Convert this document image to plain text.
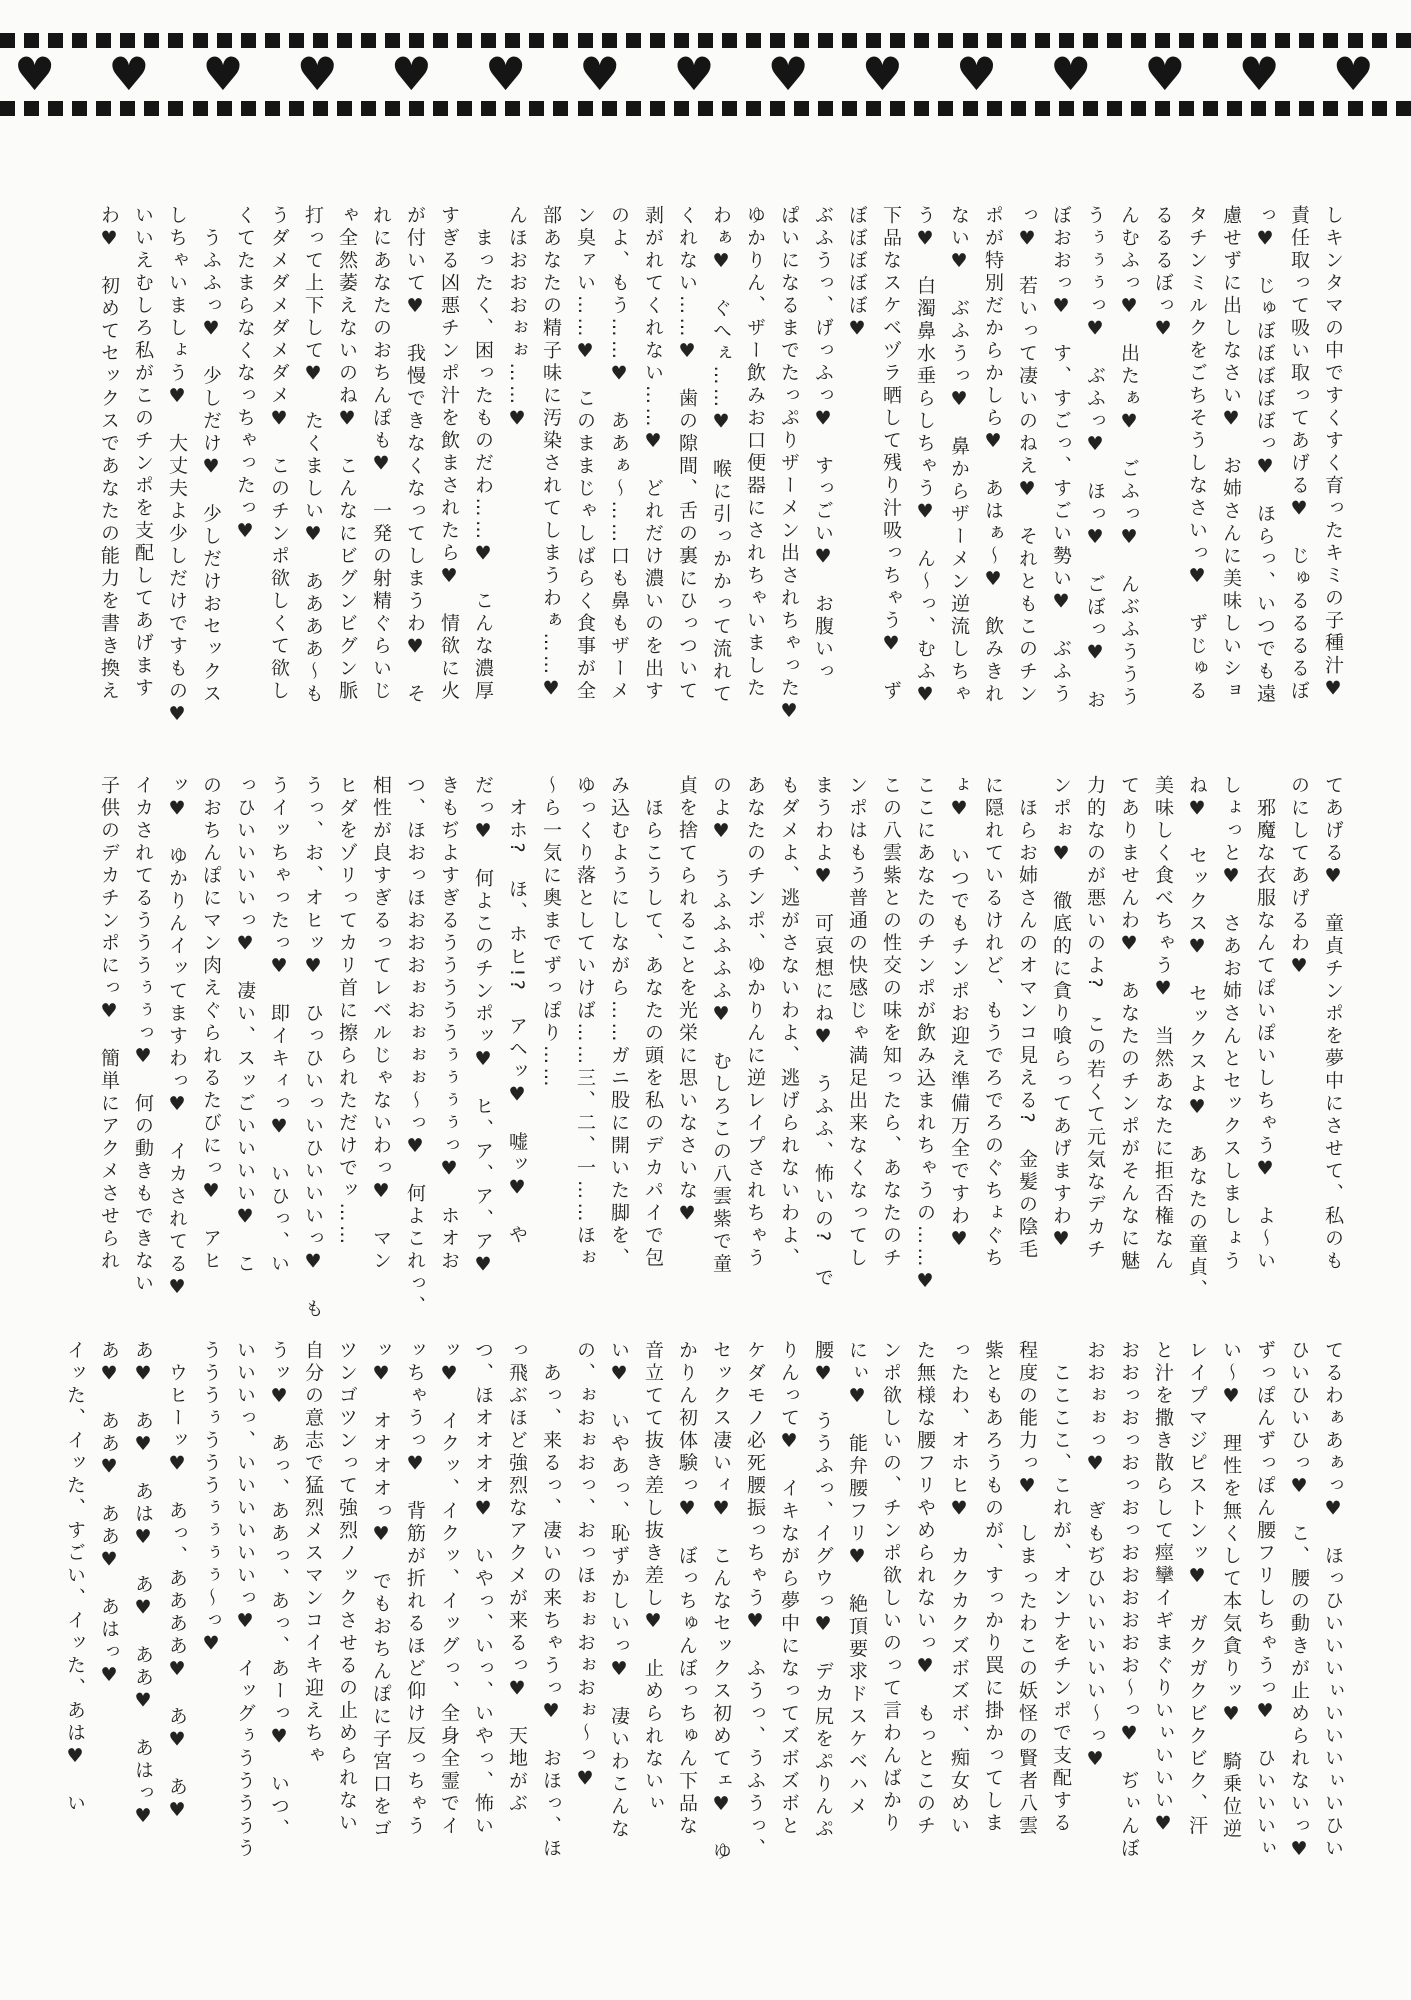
♥ ♥ ♥ ♥ ♥ ♥ ♥ ♥ ♥ ♥ ♥ ♥ ♥ ♥ ♥
しキンタマの中ですくすく育ったキミの子種汁♥
責任取って吸い取ってあげる♥　じゅるるるるぼ
っ♥　じゅぼぼぼぼぼっ♥　ほらっ、いつでも遠
慮せずに出しなさい♥　お姉さんに美味しいショ
タチンミルクをごちそうしなさいっ♥　ずじゅる
るるるぼっ♥
んむふっ♥　出たぁ♥　ごふっ♥　んぶふううう
うぅぅぅっ♥　ぶふっ♥　ほっ♥　ごぼっ♥　お
ぼおおっ♥　す、すごっ、すごい勢い♥　ぶふう
っ♥　若いって凄いのねえ♥　それともこのチン
ポが特別だからかしら♥　あはぁ〜♥　飲みきれ
ない♥　ぶふうっ♥　鼻からザーメン逆流しちゃ
う♥　白濁鼻水垂らしちゃう♥　ん〜っ、むふ♥
下品なスケベヅラ晒して残り汁吸っちゃう♥　ず
ぼぼぼぼぼ♥
ぶふうっ、げっふっ♥　すっごい♥　お腹いっ
ぱいになるまでたっぷりザーメン出されちゃった♥
ゆかりん、ザー飲みお口便器にされちゃいました
わぁ♥　ぐへぇ……♥　喉に引っかかって流れて
くれない……♥　歯の隙間、舌の裏にひっついて
剥がれてくれない……♥　どれだけ濃いのを出す
のよ、もう……♥　ああぁ〜……口も鼻もザーメ
ン臭ァい……♥　このままじゃしばらく食事が全
部あなたの精子味に汚染されてしまうわぁ……♥
んほおおおぉぉ……♥
　まったく、困ったものだわ……♥　こんな濃厚
すぎる凶悪チンポ汁を飲まされたら♥　情欲に火
が付いて♥　我慢できなくなってしまうわ♥　そ
れにあなたのおちんぽも♥　一発の射精ぐらいじ
ゃ全然萎えないのね♥　こんなにビグンビグン脈
打って上下して♥　たくましい♥　ああああ〜も
うダメダメダメダメ♥　このチンポ欲しくて欲し
くてたまらなくなっちゃったっ♥
　うふふっ♥　少しだけ♥　少しだけおセックス
しちゃいましょう♥　大丈夫よ少しだけですもの♥
いいえむしろ私がこのチンポを支配してあげます
わ♥　初めてセックスであなたの能力を書き換え
てあげる♥　童貞チンポを夢中にさせて、私のも
のにしてあげるわ♥
　邪魔な衣服なんてぽいぽいしちゃう♥　よ〜い
しょっと♥　さあお姉さんとセックスしましょう
ね♥　セックス♥　セックスよ♥　あなたの童貞、
美味しく食べちゃう♥　当然あなたに拒否権なん
てありませんわ♥　あなたのチンポがそんなに魅
力的なのが悪いのよ?　この若くて元気なデカチ
ンポぉ♥　徹底的に貪り喰らってあげますわ♥
　ほらお姉さんのオマンコ見える?　金髪の陰毛
に隠れているけれど、もうでろでろのぐちょぐち
ょ♥　いつでもチンポお迎え準備万全ですわ♥
ここにあなたのチンポが飲み込まれちゃうの……♥
この八雲紫との性交の味を知ったら、あなたのチ
ンポはもう普通の快感じゃ満足出来なくなってし
まうわよ♥　可哀想にね♥　うふふ、怖いの?　で
もダメよ、逃がさないわよ、逃げられないわよ、
あなたのチンポ、ゆかりんに逆レイプされちゃう
のよ♥　うふふふふふ♥　むしろこの八雲紫で童
貞を捨てられることを光栄に思いなさいな♥
　ほらこうして、あなたの頭を私のデカパイで包
み込むようにしながら……ガニ股に開いた脚を、
ゆっくり落としていけば……三、二、一……ほぉ
〜ら一気に奥までずっぽり……
　オホ?　ほ、ホヒ!?　アヘッ♥　嘘ッ♥　や
だっ♥　何よこのチンポッ♥　ヒ、ア、ア、ア♥
きもぢよすぎるうううううぅぅぅぅっ♥　ホオお
つ、ほおっほおおおぉおぉぉぉ〜っ♥　何よこれっ、
相性が良すぎるってレベルじゃないわっ♥　マン
ヒダをゾリってカリ首に擦られただけでッ……
うっ、お、オヒッ♥　ひっひいっいひいいいっ♥　も
うイッちゃったっ♥　即イキィっ♥　いひっ、い
っひいいいいっ♥　凄い、スッごいいいい♥　こ
のおちんぽにマン肉えぐられるたびにっ♥　アヒ
ッ♥　ゆかりんイッてますわっ♥　イカされてる♥
イカされてるうううぅぅっ♥　何の動きもできない
子供のデカチンポにっ♥　簡単にアクメさせられ
てるわぁあぁっ♥　ほっひいいいぃいいいぃいひい
ひいひいひっ♥　こ、腰の動きが止められないっ♥
ずっぽんずっぽん腰フリしちゃうっ♥　ひいいいぃ
い〜♥　理性を無くして本気貪りッ♥　騎乗位逆
レイプマジピストンッ♥　ガクガクビクビク、汗
と汁を撒き散らして痙攣イギまぐりいぃいいい♥
おおっおっおっおっおおおおおお〜っ♥　ぢぃんぼ
おおぉぉっ♥　ぎもぢひいいいいい〜っ♥
　ここここ、これが、オンナをチンポで支配する
程度の能力っ♥　しまったわこの妖怪の賢者八雲
紫ともあろうものが、すっかり罠に掛かってしま
ったわ、オホヒ♥　カクカクズボズボ、痴女めい
た無様な腰フリやめられないっ♥　もっとこのチ
ンポ欲しいの、チンポ欲しいのって言わんばかり
にぃ♥　能弁腰フリ♥　絶頂要求ドスケベハメ
腰♥　ううふっ、イグウっ♥　デカ尻をぷりんぷ
りんって♥　イキながら夢中になってズボズボと
ケダモノ必死腰振っちゃう♥　ふうっ、うふうっ、
セックス凄いィ♥　こんなセックス初めてェ♥　ゆ
かりん初体験っ♥　ぼっちゅんぼっちゅん下品な
音立てて抜き差し抜き差し♥　止められないぃ
い♥　いやあっ、恥ずかしいっ♥　凄いわこんな
の、ぉおぉおっ、おっほぉぉおぉおぉ〜っ♥
　あっ、来るっ、凄いの来ちゃうっ♥　おほっ、ほ
っ飛ぶほど強烈なアクメが来るっ♥　天地がぶ
つ、ほオオオオ♥　いやっ、いっ、いやっ、怖い
ッ♥　イクッ、イクッ、イッグっ、全身全霊でイ
ッちゃうっ♥　背筋が折れるほど仰け反っちゃう
ッ♥　オオオオっ♥　でもおちんぽに子宮口をゴ
ツンゴツンって強烈ノックさせるの止められない
自分の意志で猛烈メスマンコイキ迎えちゃ
うッ♥　あっ、ああっ、あっ、あーっ♥　いつ、
いいいっ、いいいいいいっ♥　イッグぅううううう
うううぅうううぅぅぅぅ〜っ♥
　ウヒーッ♥　あっ、ああああ♥　あ♥　あ♥
あ♥　あ♥　あは♥　あ♥　ああ♥　あはっ♥
あ♥　ああ♥　ああ♥　あはっ♥
イッた、イッた、すごい、イッた、あは♥　い
